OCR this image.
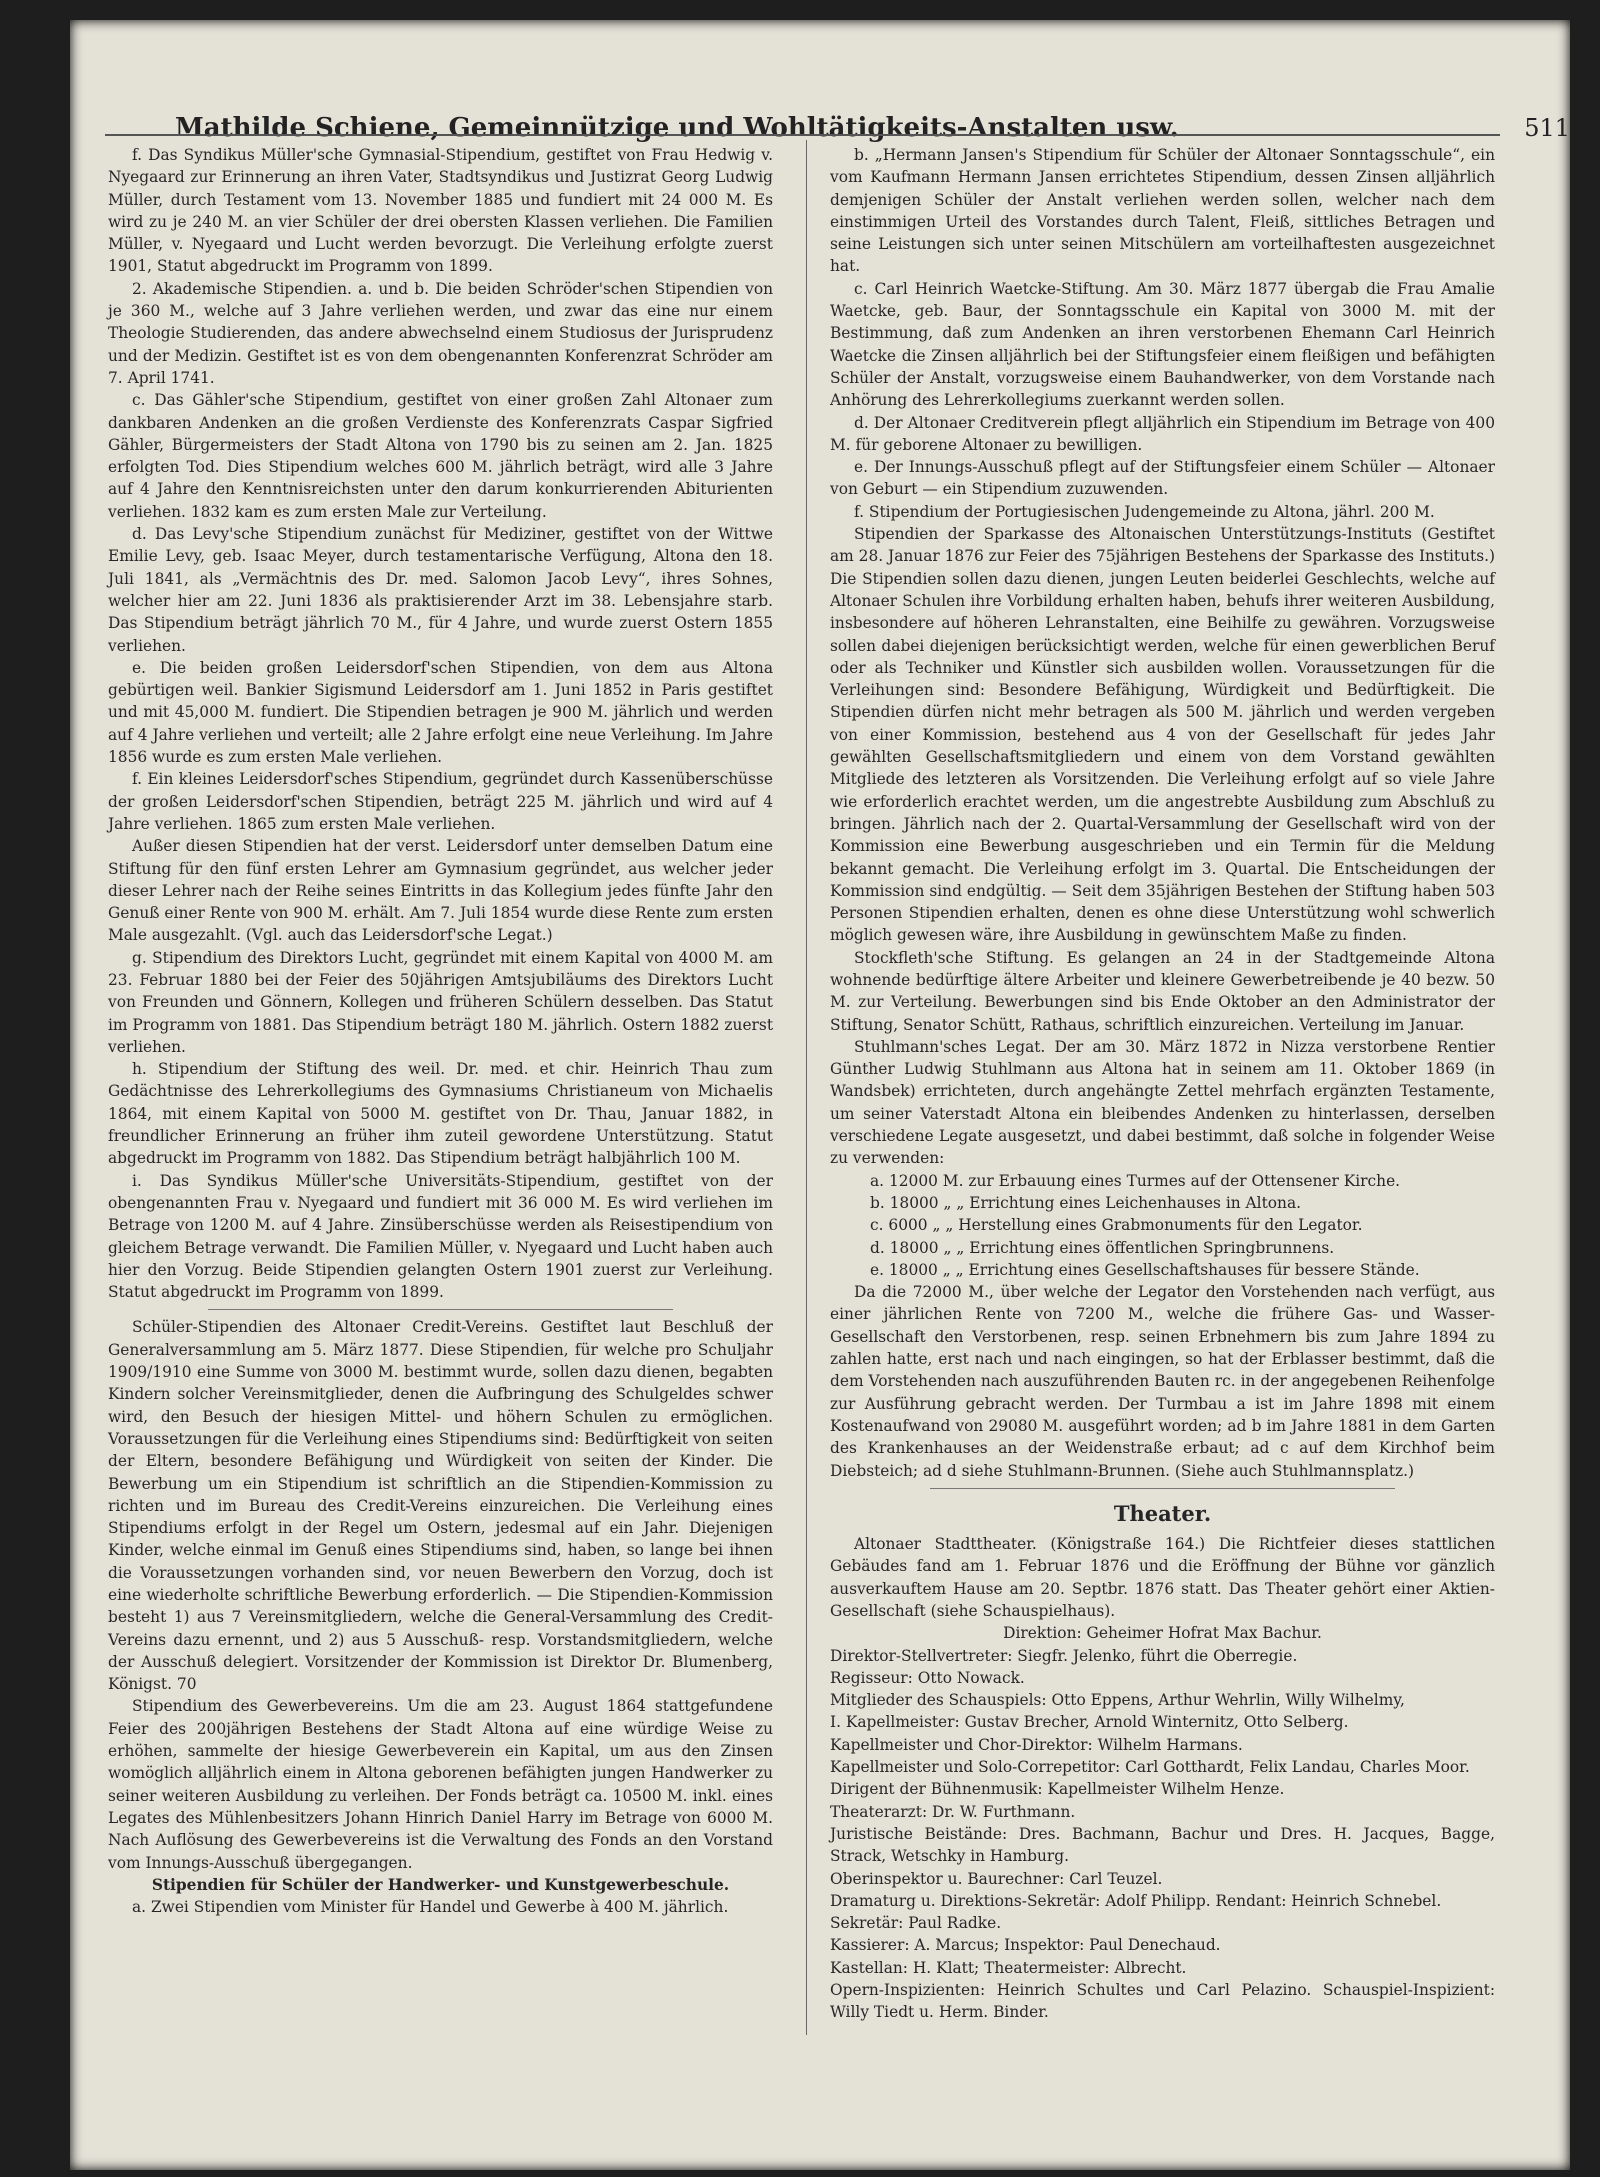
Mathilde Schiene, Gemeinnützige und Wohltätigkeits-Anstalten usw.	511

f. Das Syndikus Müller'sche Gymnasial-Stipendium, gestiftet von Frau Hedwig v. Nyegaard zur Erinnerung an ihren Vater, Stadtsyndikus und Justizrat Georg Ludwig Müller, durch Testament vom 13. November 1885 und fundiert mit 24 000 M. Es wird zu je 240 M. an vier Schüler der drei obersten Klassen verliehen. Die Familien Müller, v. Nyegaard und Lucht werden bevorzugt. Die Verleihung erfolgte zuerst 1901, Statut abgedruckt im Programm von 1899.

2. Akademische Stipendien. a. und b. Die beiden Schröder'schen Stipendien von je 360 M., welche auf 3 Jahre verliehen werden, und zwar das eine nur einem Theologie Studierenden, das andere abwechselnd einem Studiosus der Jurisprudenz und der Medizin. Gestiftet ist es von dem obengenannten Konferenzrat Schröder am 7. April 1741.

c. Das Gähler'sche Stipendium, gestiftet von einer großen Zahl Altonaer zum dankbaren Andenken an die großen Verdienste des Konferenzrats Caspar Sigfried Gähler, Bürgermeisters der Stadt Altona von 1790 bis zu seinen am 2. Jan. 1825 erfolgten Tod. Dies Stipendium welches 600 M. jährlich beträgt, wird alle 3 Jahre auf 4 Jahre den Kenntnisreichsten unter den darum konkurrierenden Abiturienten verliehen. 1832 kam es zum ersten Male zur Verteilung.

d. Das Levy'sche Stipendium zunächst für Mediziner, gestiftet von der Wittwe Emilie Levy, geb. Isaac Meyer, durch testamentarische Verfügung, Altona den 18. Juli 1841, als „Vermächtnis des Dr. med. Salomon Jacob Levy“, ihres Sohnes, welcher hier am 22. Juni 1836 als praktisierender Arzt im 38. Lebensjahre starb. Das Stipendium beträgt jährlich 70 M., für 4 Jahre, und wurde zuerst Ostern 1855 verliehen.

e. Die beiden großen Leidersdorf'schen Stipendien, von dem aus Altona gebürtigen weil. Bankier Sigismund Leidersdorf am 1. Juni 1852 in Paris gestiftet und mit 45,000 M. fundiert. Die Stipendien betragen je 900 M. jährlich und werden auf 4 Jahre verliehen und verteilt; alle 2 Jahre erfolgt eine neue Verleihung. Im Jahre 1856 wurde es zum ersten Male verliehen.

f. Ein kleines Leidersdorf'sches Stipendium, gegründet durch Kassenüberschüsse der großen Leidersdorf'schen Stipendien, beträgt 225 M. jährlich und wird auf 4 Jahre verliehen. 1865 zum ersten Male verliehen.

Außer diesen Stipendien hat der verst. Leidersdorf unter demselben Datum eine Stiftung für den fünf ersten Lehrer am Gymnasium gegründet, aus welcher jeder dieser Lehrer nach der Reihe seines Eintritts in das Kollegium jedes fünfte Jahr den Genuß einer Rente von 900 M. erhält. Am 7. Juli 1854 wurde diese Rente zum ersten Male ausgezahlt. (Vgl. auch das Leidersdorf'sche Legat.)

g. Stipendium des Direktors Lucht, gegründet mit einem Kapital von 4000 M. am 23. Februar 1880 bei der Feier des 50jährigen Amtsjubiläums des Direktors Lucht von Freunden und Gönnern, Kollegen und früheren Schülern desselben. Das Statut im Programm von 1881. Das Stipendium beträgt 180 M. jährlich. Ostern 1882 zuerst verliehen.

h. Stipendium der Stiftung des weil. Dr. med. et chir. Heinrich Thau zum Gedächtnisse des Lehrerkollegiums des Gymnasiums Christianeum von Michaelis 1864, mit einem Kapital von 5000 M. gestiftet von Dr. Thau, Januar 1882, in freundlicher Erinnerung an früher ihm zuteil gewordene Unterstützung. Statut abgedruckt im Programm von 1882. Das Stipendium beträgt halbjährlich 100 M.

i. Das Syndikus Müller'sche Universitäts-Stipendium, gestiftet von der obengenannten Frau v. Nyegaard und fundiert mit 36 000 M. Es wird verliehen im Betrage von 1200 M. auf 4 Jahre. Zinsüberschüsse werden als Reisestipendium von gleichem Betrage verwandt. Die Familien Müller, v. Nyegaard und Lucht haben auch hier den Vorzug. Beide Stipendien gelangten Ostern 1901 zuerst zur Verleihung. Statut abgedruckt im Programm von 1899.

Schüler-Stipendien des Altonaer Credit-Vereins. Gestiftet laut Beschluß der Generalversammlung am 5. März 1877. Diese Stipendien, für welche pro Schuljahr 1909/1910 eine Summe von 3000 M. bestimmt wurde, sollen dazu dienen, begabten Kindern solcher Vereinsmitglieder, denen die Aufbringung des Schulgeldes schwer wird, den Besuch der hiesigen Mittel- und höhern Schulen zu ermöglichen. Voraussetzungen für die Verleihung eines Stipendiums sind: Bedürftigkeit von seiten der Eltern, besondere Befähigung und Würdigkeit von seiten der Kinder. Die Bewerbung um ein Stipendium ist schriftlich an die Stipendien-Kommission zu richten und im Bureau des Credit-Vereins einzureichen. Die Verleihung eines Stipendiums erfolgt in der Regel um Ostern, jedesmal auf ein Jahr. Diejenigen Kinder, welche einmal im Genuß eines Stipendiums sind, haben, so lange bei ihnen die Voraussetzungen vorhanden sind, vor neuen Bewerbern den Vorzug, doch ist eine wiederholte schriftliche Bewerbung erforderlich. — Die Stipendien-Kommission besteht 1) aus 7 Vereinsmitgliedern, welche die General-Versammlung des Credit-Vereins dazu ernennt, und 2) aus 5 Ausschuß- resp. Vorstandsmitgliedern, welche der Ausschuß delegiert. Vorsitzender der Kommission ist Direktor Dr. Blumenberg, Königst. 70

Stipendium des Gewerbevereins. Um die am 23. August 1864 stattgefundene Feier des 200jährigen Bestehens der Stadt Altona auf eine würdige Weise zu erhöhen, sammelte der hiesige Gewerbeverein ein Kapital, um aus den Zinsen womöglich alljährlich einem in Altona geborenen befähigten jungen Handwerker zu seiner weiteren Ausbildung zu verleihen. Der Fonds beträgt ca. 10500 M. inkl. eines Legates des Mühlenbesitzers Johann Hinrich Daniel Harry im Betrage von 6000 M. Nach Auflösung des Gewerbevereins ist die Verwaltung des Fonds an den Vorstand vom Innungs-Ausschuß übergegangen.

Stipendien für Schüler der Handwerker- und Kunstgewerbeschule.

a. Zwei Stipendien vom Minister für Handel und Gewerbe à 400 M. jährlich.

b. „Hermann Jansen's Stipendium für Schüler der Altonaer Sonntagsschule“, ein vom Kaufmann Hermann Jansen errichtetes Stipendium, dessen Zinsen alljährlich demjenigen Schüler der Anstalt verliehen werden sollen, welcher nach dem einstimmigen Urteil des Vorstandes durch Talent, Fleiß, sittliches Betragen und seine Leistungen sich unter seinen Mitschülern am vorteilhaftesten ausgezeichnet hat.

c. Carl Heinrich Waetcke-Stiftung. Am 30. März 1877 übergab die Frau Amalie Waetcke, geb. Baur, der Sonntagsschule ein Kapital von 3000 M. mit der Bestimmung, daß zum Andenken an ihren verstorbenen Ehemann Carl Heinrich Waetcke die Zinsen alljährlich bei der Stiftungsfeier einem fleißigen und befähigten Schüler der Anstalt, vorzugsweise einem Bauhandwerker, von dem Vorstande nach Anhörung des Lehrerkollegiums zuerkannt werden sollen.

d. Der Altonaer Creditverein pflegt alljährlich ein Stipendium im Betrage von 400 M. für geborene Altonaer zu bewilligen.

e. Der Innungs-Ausschuß pflegt auf der Stiftungsfeier einem Schüler — Altonaer von Geburt — ein Stipendium zuzuwenden.

f. Stipendium der Portugiesischen Judengemeinde zu Altona, jährl. 200 M.

Stipendien der Sparkasse des Altonaischen Unterstützungs-Instituts (Gestiftet am 28. Januar 1876 zur Feier des 75jährigen Bestehens der Sparkasse des Instituts.) Die Stipendien sollen dazu dienen, jungen Leuten beiderlei Geschlechts, welche auf Altonaer Schulen ihre Vorbildung erhalten haben, behufs ihrer weiteren Ausbildung, insbesondere auf höheren Lehranstalten, eine Beihilfe zu gewähren. Vorzugsweise sollen dabei diejenigen berücksichtigt werden, welche für einen gewerblichen Beruf oder als Techniker und Künstler sich ausbilden wollen. Voraussetzungen für die Verleihungen sind: Besondere Befähigung, Würdigkeit und Bedürftigkeit. Die Stipendien dürfen nicht mehr betragen als 500 M. jährlich und werden vergeben von einer Kommission, bestehend aus 4 von der Gesellschaft für jedes Jahr gewählten Gesellschaftsmitgliedern und einem von dem Vorstand gewählten Mitgliede des letzteren als Vorsitzenden. Die Verleihung erfolgt auf so viele Jahre wie erforderlich erachtet werden, um die angestrebte Ausbildung zum Abschluß zu bringen. Jährlich nach der 2. Quartal-Versammlung der Gesellschaft wird von der Kommission eine Bewerbung ausgeschrieben und ein Termin für die Meldung bekannt gemacht. Die Verleihung erfolgt im 3. Quartal. Die Entscheidungen der Kommission sind endgültig. — Seit dem 35jährigen Bestehen der Stiftung haben 503 Personen Stipendien erhalten, denen es ohne diese Unterstützung wohl schwerlich möglich gewesen wäre, ihre Ausbildung in gewünschtem Maße zu finden.

Stockfleth'sche Stiftung. Es gelangen an 24 in der Stadtgemeinde Altona wohnende bedürftige ältere Arbeiter und kleinere Gewerbetreibende je 40 bezw. 50 M. zur Verteilung. Bewerbungen sind bis Ende Oktober an den Administrator der Stiftung, Senator Schütt, Rathaus, schriftlich einzureichen. Verteilung im Januar.

Stuhlmann'sches Legat. Der am 30. März 1872 in Nizza verstorbene Rentier Günther Ludwig Stuhlmann aus Altona hat in seinem am 11. Oktober 1869 (in Wandsbek) errichteten, durch angehängte Zettel mehrfach ergänzten Testamente, um seiner Vaterstadt Altona ein bleibendes Andenken zu hinterlassen, derselben verschiedene Legate ausgesetzt, und dabei bestimmt, daß solche in folgender Weise zu verwenden:

a. 12000 M. zur Erbauung eines Turmes auf der Ottensener Kirche.
b. 18000 „ „ Errichtung eines Leichenhauses in Altona.
c. 6000 „ „ Herstellung eines Grabmonuments für den Legator.
d. 18000 „ „ Errichtung eines öffentlichen Springbrunnens.
e. 18000 „ „ Errichtung eines Gesellschaftshauses für bessere Stände.

Da die 72000 M., über welche der Legator den Vorstehenden nach verfügt, aus einer jährlichen Rente von 7200 M., welche die frühere Gas- und Wasser-Gesellschaft den Verstorbenen, resp. seinen Erbnehmern bis zum Jahre 1894 zu zahlen hatte, erst nach und nach eingingen, so hat der Erblasser bestimmt, daß die dem Vorstehenden nach auszuführenden Bauten rc. in der angegebenen Reihenfolge zur Ausführung gebracht werden. Der Turmbau a ist im Jahre 1898 mit einem Kostenaufwand von 29080 M. ausgeführt worden; ad b im Jahre 1881 in dem Garten des Krankenhauses an der Weidenstraße erbaut; ad c auf dem Kirchhof beim Diebsteich; ad d siehe Stuhlmann-Brunnen. (Siehe auch Stuhlmannsplatz.)

Theater.

Altonaer Stadttheater. (Königstraße 164.) Die Richtfeier dieses stattlichen Gebäudes fand am 1. Februar 1876 und die Eröffnung der Bühne vor gänzlich ausverkauftem Hause am 20. Septbr. 1876 statt. Das Theater gehört einer Aktien-Gesellschaft (siehe Schauspielhaus).

Direktion: Geheimer Hofrat Max Bachur.

Direktor-Stellvertreter: Siegfr. Jelenko, führt die Oberregie.

Regisseur: Otto Nowack.

Mitglieder des Schauspiels: Otto Eppens, Arthur Wehrlin, Willy Wilhelmy,

I. Kapellmeister: Gustav Brecher, Arnold Winternitz, Otto Selberg.

Kapellmeister und Chor-Direktor: Wilhelm Harmans.

Kapellmeister und Solo-Correpetitor: Carl Gotthardt, Felix Landau, Charles Moor.

Dirigent der Bühnenmusik: Kapellmeister Wilhelm Henze.

Theaterarzt: Dr. W. Furthmann.

Juristische Beistände: Dres. Bachmann, Bachur und Dres. H. Jacques, Bagge, Strack, Wetschky in Hamburg.

Oberinspektor u. Baurechner: Carl Teuzel.

Dramaturg u. Direktions-Sekretär: Adolf Philipp. Rendant: Heinrich Schnebel.

Sekretär: Paul Radke.

Kassierer: A. Marcus; Inspektor: Paul Denechaud.

Kastellan: H. Klatt; Theatermeister: Albrecht.

Opern-Inspizienten: Heinrich Schultes und Carl Pelazino. Schauspiel-Inspizient: Willy Tiedt u. Herm. Binder.
